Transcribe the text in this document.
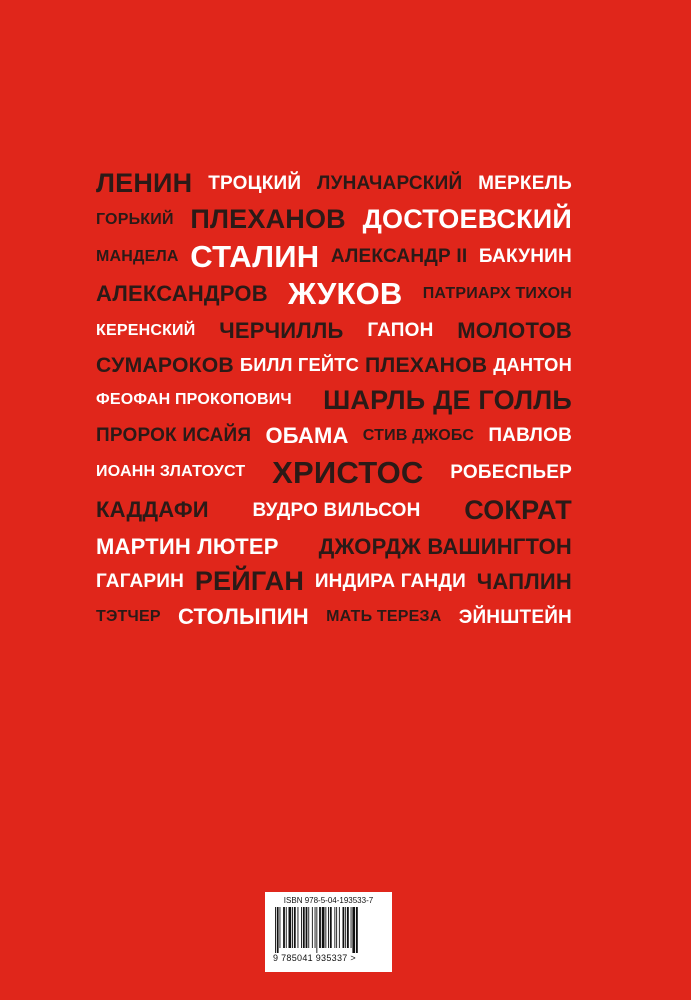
ЛЕНИН ТРОЦКИЙ ЛУНАЧАРСКИЙ МЕРКЕЛЬ
ГОРЬКИЙ ПЛЕХАНОВ ДОСТОЕВСКИЙ
МАНДЕЛА СТАЛИН АЛЕКСАНДР II БАКУНИН
АЛЕКСАНДРОВ ЖУКОВ ПАТРИАРХ ТИХОН
КЕРЕНСКИЙ ЧЕРЧИЛЛЬ ГАПОН МОЛОТОВ
СУМАРОКОВ БИЛЛ ГЕЙТС ПЛЕХАНОВ ДАНТОН
ФЕОФАН ПРОКОПОВИЧ ШАРЛЬ ДЕ ГОЛЛЬ
ПРОРОК ИСАЙЯ ОБАМА СТИВ ДЖОБС ПАВЛОВ
ИОАНН ЗЛАТОУСТ ХРИСТОС РОБЕСПЬЕР
КАДДАФИ ВУДРО ВИЛЬСОН СОКРАТ
МАРТИН ЛЮТЕР ДЖОРДЖ ВАШИНГТОН
ГАГАРИН РЕЙГАН ИНДИРА ГАНДИ ЧАПЛИН
ТЭТЧЕР СТОЛЫПИН МАТЬ ТЕРЕЗА ЭЙНШТЕЙН
ISBN 978-5-04-193533-7
9 785041 935337 >
